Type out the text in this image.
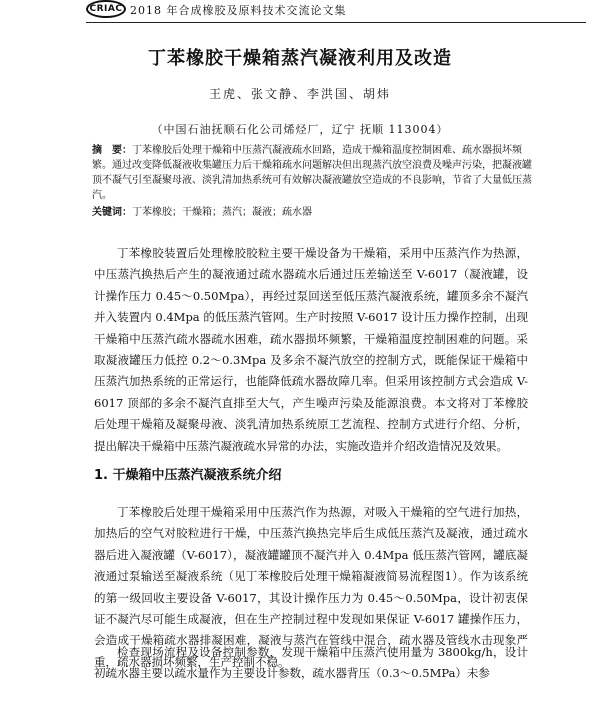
CRIAC 2018 年合成橡胶及原料技术交流论文集
丁苯橡胶干燥箱蒸汽凝液利用及改造
王虎、张文静、李洪国、胡炜
（中国石油抚顺石化公司烯烃厂，辽宁 抚顺 113004）

摘　要：丁苯橡胶后处理干燥箱中压蒸汽凝液疏水回路，造成干燥箱温度控制困难、疏水器损坏频繁。通过改变降低凝液收集罐压力后干燥箱疏水问题解决但出现蒸汽放空浪费及噪声污染，把凝液罐顶不凝气引至凝聚母液、淡乳清加热系统可有效解决凝液罐放空造成的不良影响，节省了大量低压蒸汽。

关键词：丁苯橡胶；干燥箱；蒸汽；凝液；疏水器

丁苯橡胶装置后处理橡胶胶粒主要干燥设备为干燥箱，采用中压蒸汽作为热源，中压蒸汽换热后产生的凝液通过疏水器疏水后通过压差输送至 V-6017（凝液罐，设计操作压力 0.45～0.50Mpa），再经过泵回送至低压蒸汽凝液系统，罐顶多余不凝汽并入装置内 0.4Mpa 的低压蒸汽管网。生产时按照 V-6017 设计压力操作控制，出现干燥箱中压蒸汽疏水器疏水困难，疏水器损坏频繁，干燥箱温度控制困难的问题。采取凝液罐压力低控 0.2～0.3Mpa 及多余不凝汽放空的控制方式，既能保证干燥箱中压蒸汽加热系统的正常运行，也能降低疏水器故障几率。但采用该控制方式会造成 V-6017 顶部的多余不凝汽直排至大气，产生噪声污染及能源浪费。本文将对丁苯橡胶后处理干燥箱及凝聚母液、淡乳清加热系统原工艺流程、控制方式进行介绍、分析，提出解决干燥箱中压蒸汽凝液疏水异常的办法，实施改造并介绍改造情况及效果。

1. 干燥箱中压蒸汽凝液系统介绍

丁苯橡胶后处理干燥箱采用中压蒸汽作为热源，对吸入干燥箱的空气进行加热，加热后的空气对胶粒进行干燥，中压蒸汽换热完毕后生成低压蒸汽及凝液，通过疏水器后进入凝液罐（V-6017），凝液罐罐顶不凝汽并入 0.4Mpa 低压蒸汽管网，罐底凝液通过泵输送至凝液系统（见丁苯橡胶后处理干燥箱凝液简易流程图1）。作为该系统的第一级回收主要设备 V-6017，其设计操作压力为 0.45～0.50Mpa，设计初衷保证不凝汽尽可能生成凝液，但在生产控制过程中发现如果保证 V-6017 罐操作压力，会造成干燥箱疏水器排凝困难，凝液与蒸汽在管线中混合，疏水器及管线水击现象严重，疏水器损坏频繁，生产控制不稳。

检查现场流程及设备控制参数，发现干燥箱中压蒸汽使用量为 3800kg/h，设计初疏水器主要以疏水量作为主要设计参数，疏水器背压（0.3～0.5MPa）未参
